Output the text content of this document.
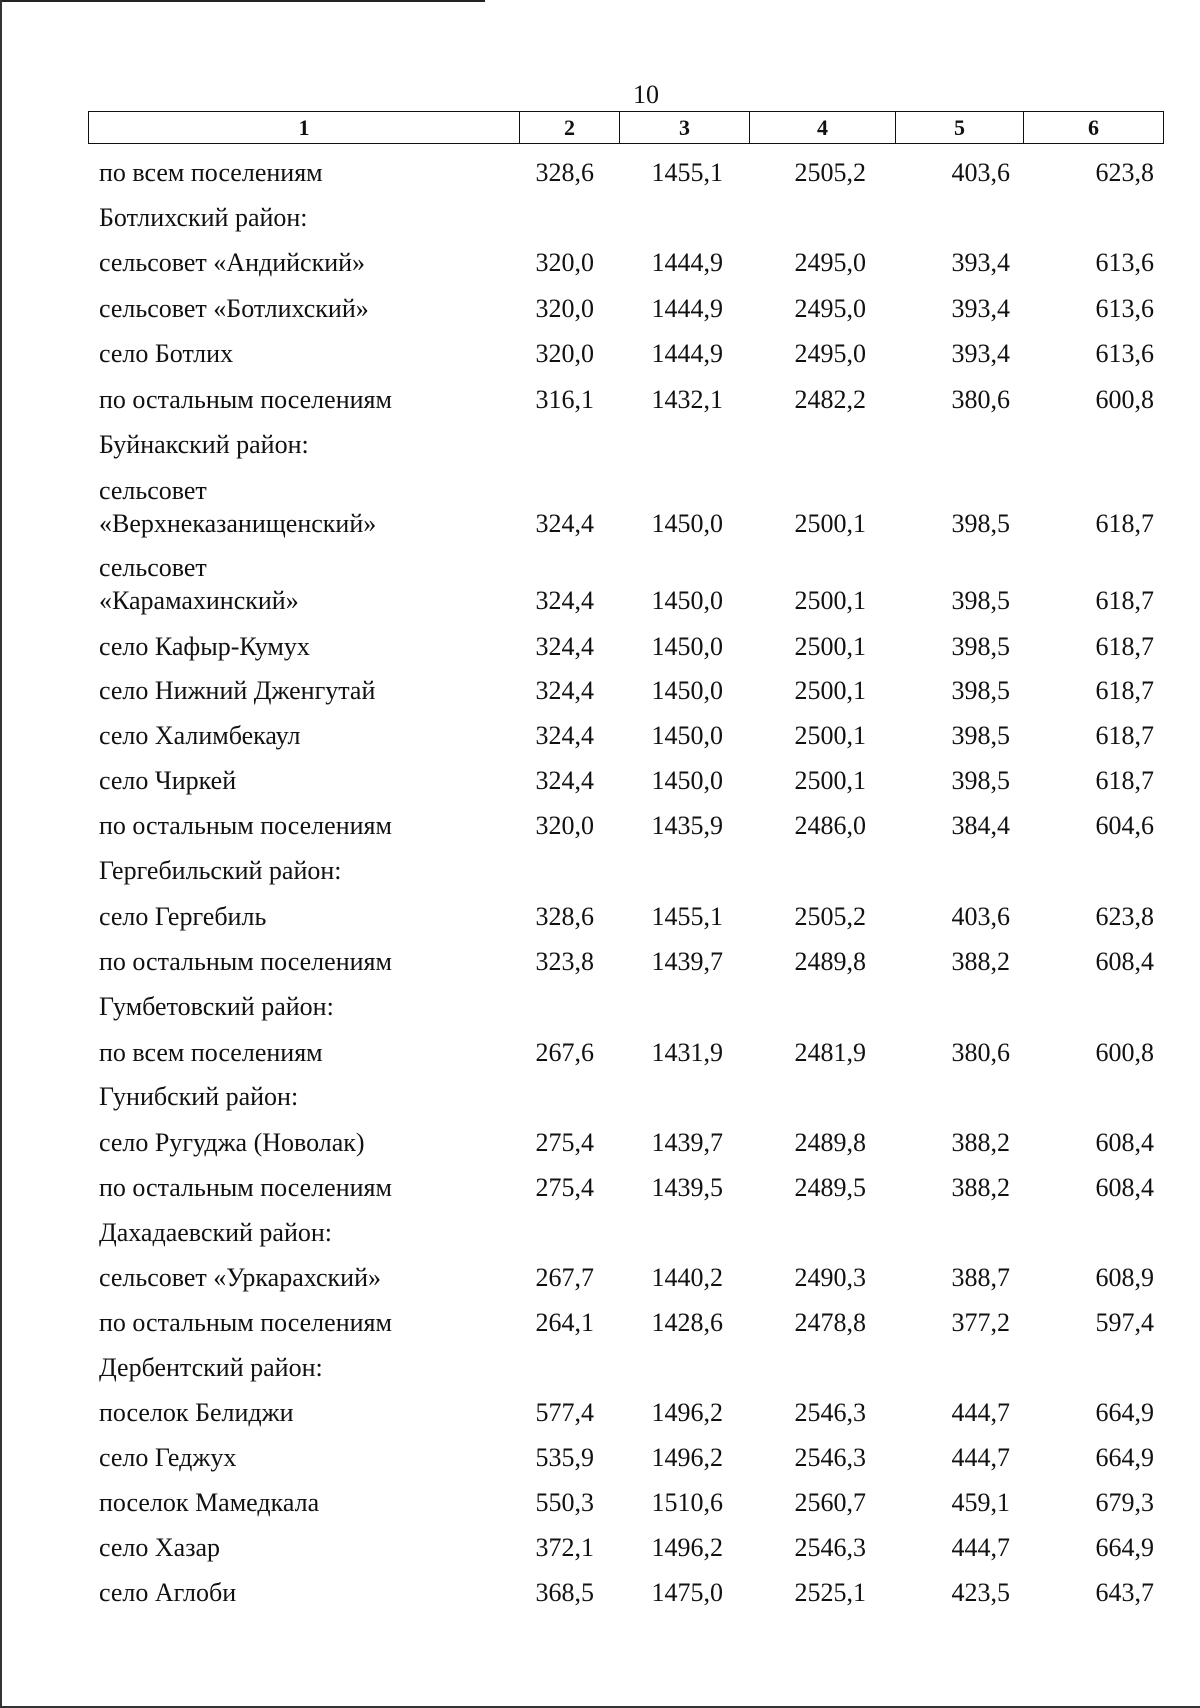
10
1	2	3	4	5	6
по всем поселениям	328,6 1455,1	2505,2	403,6	623,8
Ботлихский район:
сельсовет «Андийский»	320,0 1444,9	2495,0	393,4	613,6
сельсовет «Ботлихский»	320,0 1444,9	2495,0	393,4	613,6
село Ботлих	320,0 1444,9	2495,0	393,4	613,6
по остальным поселениям	316,1 1432,1	2482,2	380,6	600,8
Буйнакский район:
сельсовет
«Верхнеказанищенский»	324,4 1450,0	2500,1	398,5	618,7
сельсовет
«Карамахинский»	324,4 1450,0	2500,1	398,5	618,7
село Кафыр-Кумух	324,4 1450,0	2500,1	398,5	618,7
село Нижний Дженгутай	324,4 1450,0	2500,1	398,5	618,7
село Халимбекаул	324,4 1450,0	2500,1	398,5	618,7
село Чиркей	324,4 1450,0	2500,1	398,5	618,7
по остальным поселениям	320,0 1435,9	2486,0	384,4	604,6
Гергебильский район:
село Гергебиль	328,6 1455,1	2505,2	403,6	623,8
по остальным поселениям	323,8 1439,7	2489,8	388,2	608,4
Гумбетовский район:
по всем поселениям	267,6 1431,9	2481,9	380,6	600,8
Гунибский район:
село Ругуджа (Новолак)	275,4 1439,7	2489,8	388,2	608,4
по остальным поселениям	275,4 1439,5	2489,5	388,2	608,4
Дахадаевский район:
сельсовет «Уркарахский»	267,7 1440,2	2490,3	388,7	608,9
по остальным поселениям	264,1 1428,6	2478,8	377,2	597,4
Дербентский район:
поселок Белиджи	577,4 1496,2	2546,3	444,7	664,9
село Геджух	535,9 1496,2	2546,3	444,7	664,9
поселок Мамедкала	550,3 1510,6	2560,7	459,1	679,3
село Хазар	372,1 1496,2	2546,3	444,7	664,9
село Аглоби	368,5 1475,0	2525,1	423,5	643,7
